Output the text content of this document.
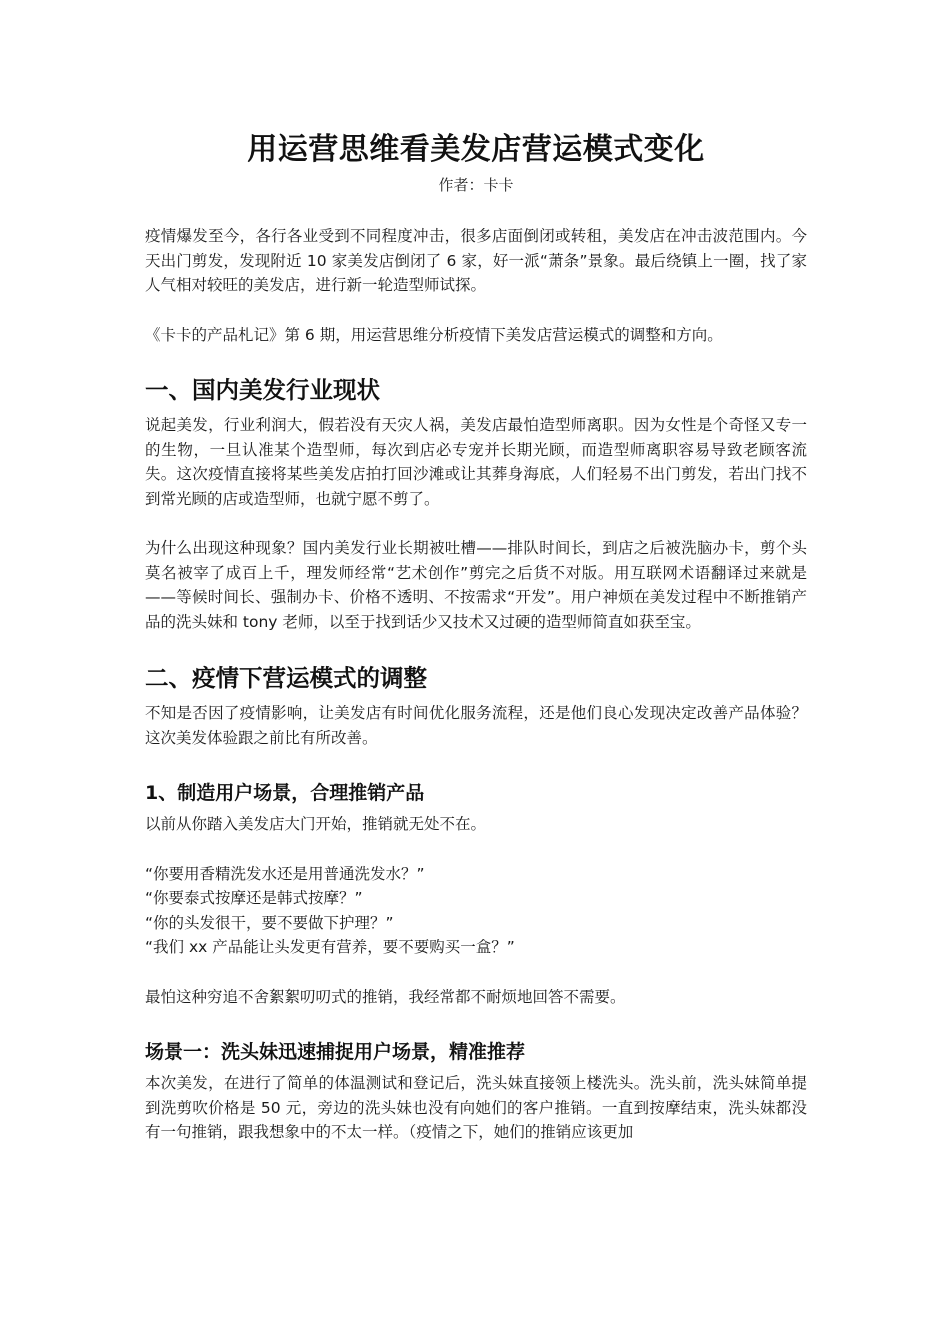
用运营思维看美发店营运模式变化
作者：卡卡

疫情爆发至今，各行各业受到不同程度冲击，很多店面倒闭或转租，美发店在冲击波范围内。今天出门剪发，发现附近 10 家美发店倒闭了 6 家，好一派“萧条”景象。最后绕镇上一圈，找了家人气相对较旺的美发店，进行新一轮造型师试探。

《卡卡的产品札记》第 6 期，用运营思维分析疫情下美发店营运模式的调整和方向。

一、国内美发行业现状

说起美发，行业利润大，假若没有天灾人祸，美发店最怕造型师离职。因为女性是个奇怪又专一的生物，一旦认准某个造型师，每次到店必专宠并长期光顾，而造型师离职容易导致老顾客流失。这次疫情直接将某些美发店拍打回沙滩或让其葬身海底，人们轻易不出门剪发，若出门找不到常光顾的店或造型师，也就宁愿不剪了。

为什么出现这种现象？国内美发行业长期被吐槽——排队时间长，到店之后被洗脑办卡，剪个头莫名被宰了成百上千，理发师经常“艺术创作”剪完之后货不对版。用互联网术语翻译过来就是——等候时间长、强制办卡、价格不透明、不按需求“开发”。用户神烦在美发过程中不断推销产品的洗头妹和 tony 老师，以至于找到话少又技术又过硬的造型师简直如获至宝。

二、疫情下营运模式的调整

不知是否因了疫情影响，让美发店有时间优化服务流程，还是他们良心发现决定改善产品体验？这次美发体验跟之前比有所改善。

1、制造用户场景，合理推销产品

以前从你踏入美发店大门开始，推销就无处不在。

“你要用香精洗发水还是用普通洗发水？”

“你要泰式按摩还是韩式按摩？”

“你的头发很干，要不要做下护理？”

“我们 xx 产品能让头发更有营养，要不要购买一盒？”

最怕这种穷追不舍絮絮叨叨式的推销，我经常都不耐烦地回答不需要。

场景一：洗头妹迅速捕捉用户场景，精准推荐

本次美发，在进行了简单的体温测试和登记后，洗头妹直接领上楼洗头。洗头前，洗头妹简单提到洗剪吹价格是 50 元，旁边的洗头妹也没有向她们的客户推销。一直到按摩结束，洗头妹都没有一句推销，跟我想象中的不太一样。（疫情之下，她们的推销应该更加
